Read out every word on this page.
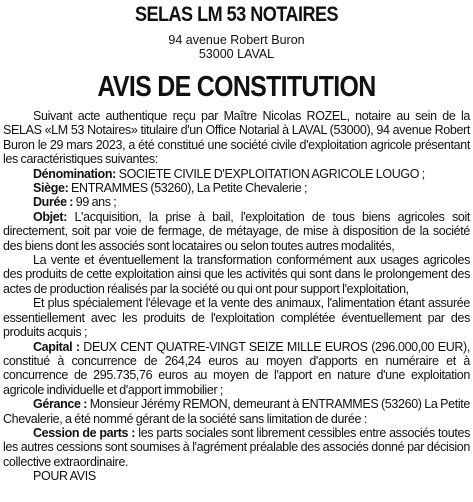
SELAS LM 53 NOTAIRES

94 avenue Robert Buron

53000 LAVAL

AVIS DE CONSTITUTION

Suivant acte authentique reçu par Maître Nicolas ROZEL, notaire au sein de la SELAS «LM 53 Notaires» titulaire d'un Office Notarial à LAVAL (53000), 94 avenue Robert Buron le 29 mars 2023, a été constitué une société civile d'exploitation agricole présentant les caractéristiques suivantes:

Dénomination: SOCIETE CIVILE D'EXPLOITATION AGRICOLE LOUGO ;

Siège: ENTRAMMES (53260), La Petite Chevalerie ;

Durée : 99 ans ;

Objet: L'acquisition, la prise à bail, l'exploitation de tous biens agricoles soit directement, soit par voie de fermage, de métayage, de mise à disposition de la société des biens dont les associés sont locataires ou selon toutes autres modalités,

La vente et éventuellement la transformation conformément aux usages agricoles des produits de cette exploitation ainsi que les activités qui sont dans le prolongement des actes de production réalisés par la société ou qui ont pour support l'exploitation,

Et plus spécialement l'élevage et la vente des animaux, l'alimentation étant assurée essentiellement avec les produits de l'exploitation complétée éventuellement par des produits acquis ;

Capital : DEUX CENT QUATRE-VINGT SEIZE MILLE EUROS (296.000,00 EUR), constitué à concurrence de 264,24 euros au moyen d'apports en numéraire et à concurrence de 295.735,76 euros au moyen de l'apport en nature d'une exploitation agricole individuelle et d'apport immobilier ;

Gérance : Monsieur Jérémy REMON, demeurant à ENTRAMMES (53260) La Petite Chevalerie, a été nommé gérant de la société sans limitation de durée :

Cession de parts : les parts sociales sont librement cessibles entre associés toutes les autres cessions sont soumises à l'agrément préalable des associés donné par décision collective extraordinaire.

POUR AVIS
